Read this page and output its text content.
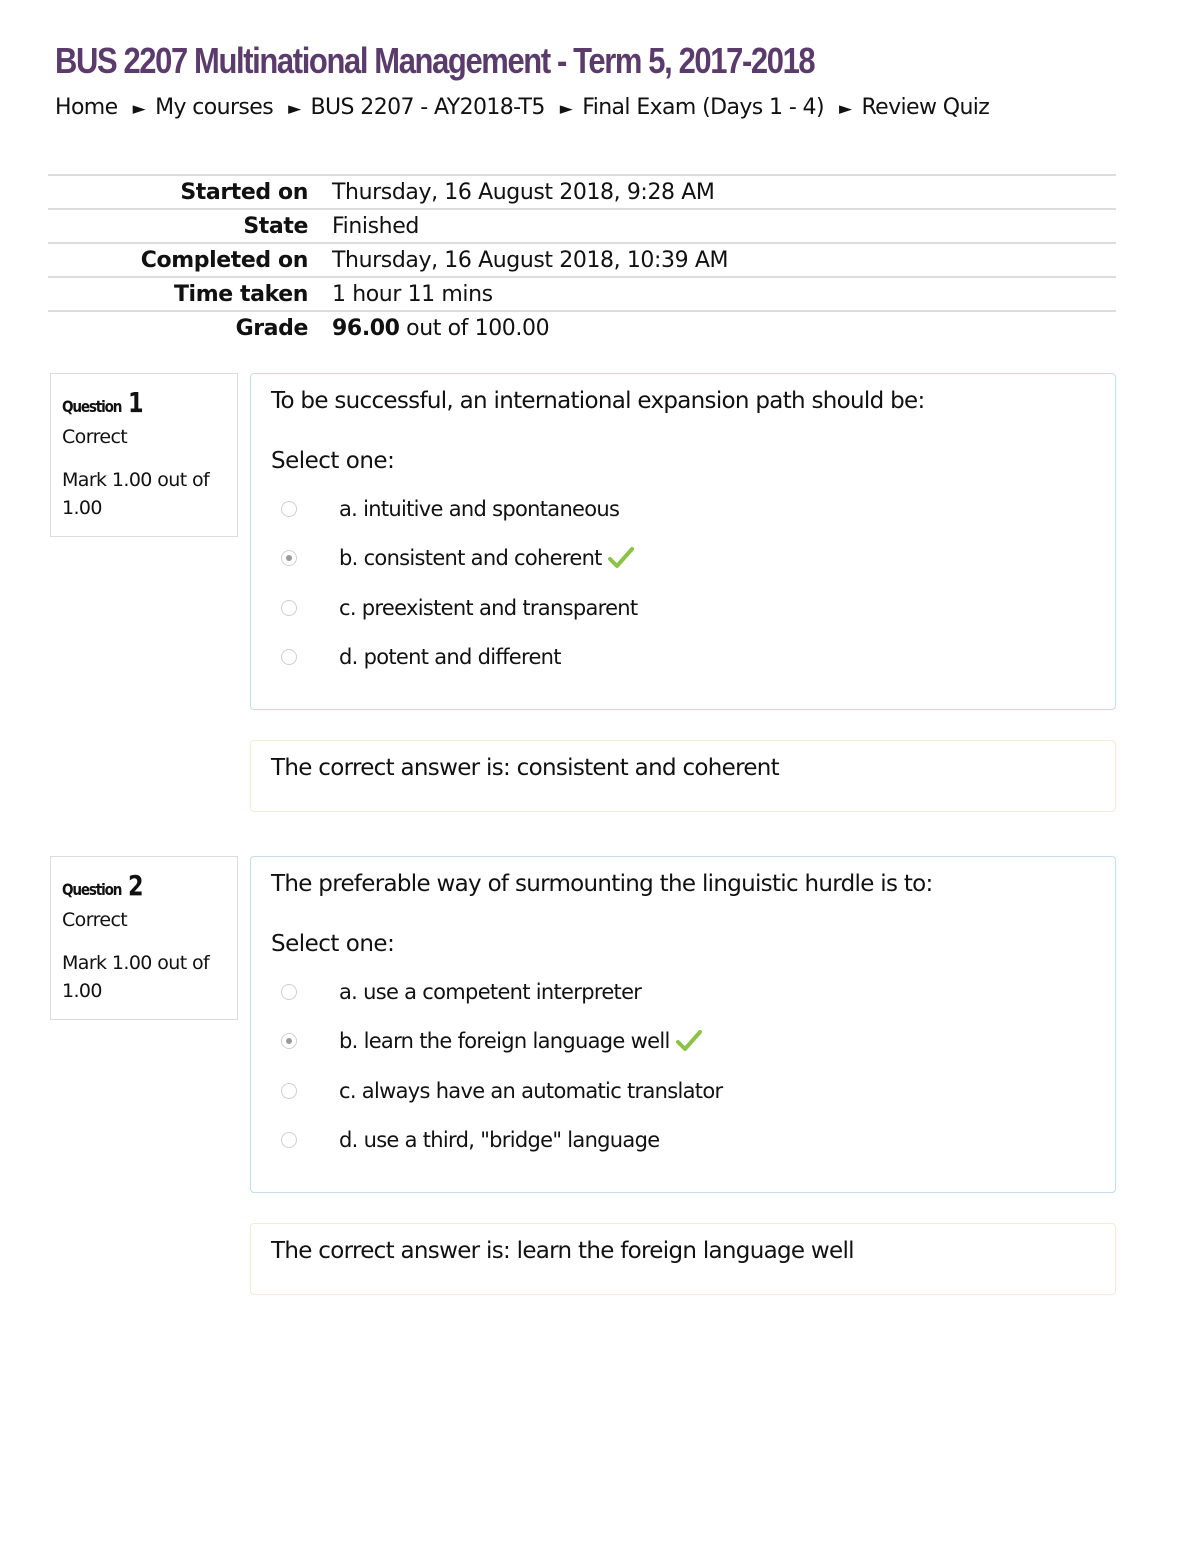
BUS 2207 Multinational Management - Term 5, 2017-2018
Home ► My courses ► BUS 2207 - AY2018-T5 ► Final Exam (Days 1 - 4) ► Review Quiz
Started on	Thursday, 16 August 2018, 9:28 AM
State	Finished
Completed on	Thursday, 16 August 2018, 10:39 AM
Time taken	1 hour 11 mins
Grade	96.00 out of 100.00
Question 1
Correct
Mark 1.00 out of 1.00
To be successful, an international expansion path should be:
Select one:
a. intuitive and spontaneous
b. consistent and coherent
c. preexistent and transparent
d. potent and different
The correct answer is: consistent and coherent
Question 2
Correct
Mark 1.00 out of 1.00
The preferable way of surmounting the linguistic hurdle is to:
Select one:
a. use a competent interpreter
b. learn the foreign language well
c. always have an automatic translator
d. use a third, "bridge" language
The correct answer is: learn the foreign language well
